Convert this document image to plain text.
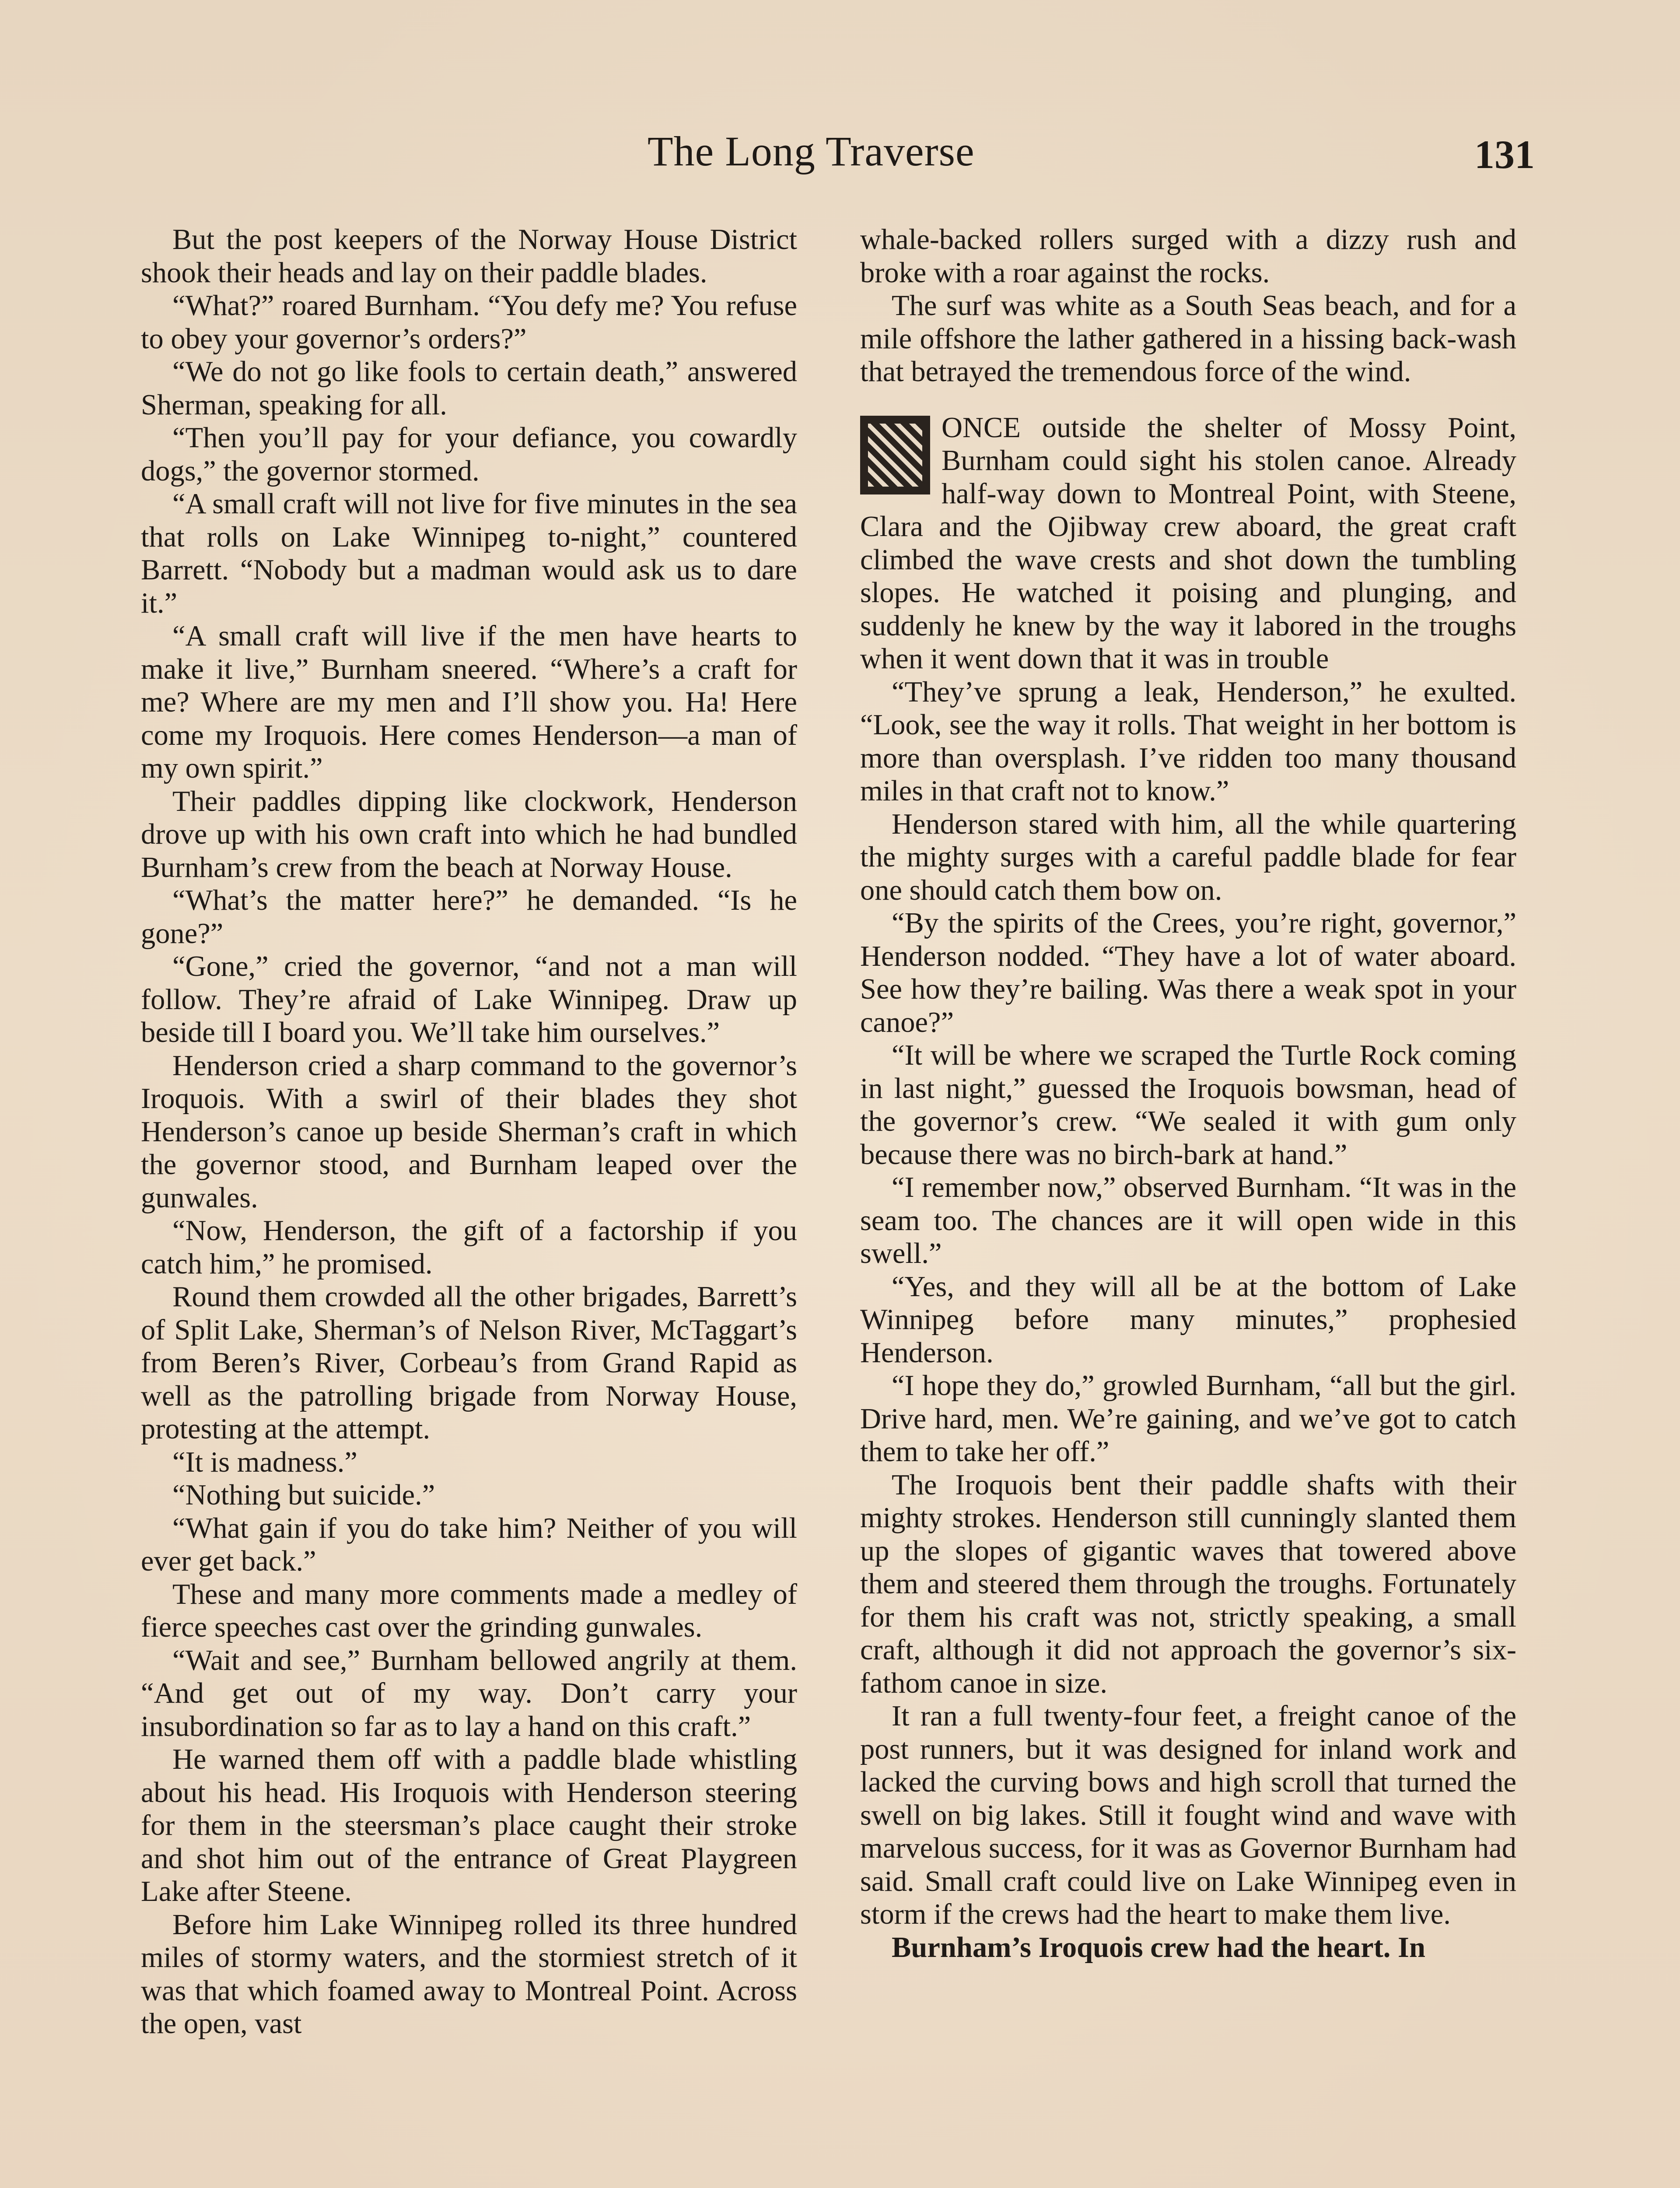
The Long Traverse	131

But the post keepers of the Norway House District shook their heads and lay on their paddle blades.

“What?” roared Burnham. “You defy me? You refuse to obey your governor’s orders?”

“We do not go like fools to certain death,” answered Sherman, speaking for all.

“Then you’ll pay for your defiance, you cowardly dogs,” the governor stormed.

“A small craft will not live for five minutes in the sea that rolls on Lake Winnipeg to-night,” countered Barrett. “Nobody but a madman would ask us to dare it.”

“A small craft will live if the men have hearts to make it live,” Burnham sneered. “Where’s a craft for me? Where are my men and I’ll show you. Ha! Here come my Iroquois. Here comes Henderson—a man of my own spirit.”

Their paddles dipping like clockwork, Henderson drove up with his own craft into which he had bundled Burnham’s crew from the beach at Norway House.

“What’s the matter here?” he demanded. “Is he gone?”

“Gone,” cried the governor, “and not a man will follow. They’re afraid of Lake Winnipeg. Draw up beside till I board you. We’ll take him ourselves.”

Henderson cried a sharp command to the governor’s Iroquois. With a swirl of their blades they shot Henderson’s canoe up beside Sherman’s craft in which the governor stood, and Burnham leaped over the gunwales.

“Now, Henderson, the gift of a factorship if you catch him,” he promised.

Round them crowded all the other brigades, Barrett’s of Split Lake, Sherman’s of Nelson River, McTaggart’s from Beren’s River, Corbeau’s from Grand Rapid as well as the patrolling brigade from Norway House, protesting at the attempt.

“It is madness.”

“Nothing but suicide.”

“What gain if you do take him? Neither of you will ever get back.”

These and many more comments made a medley of fierce speeches cast over the grinding gunwales.

“Wait and see,” Burnham bellowed angrily at them. “And get out of my way. Don’t carry your insubordination so far as to lay a hand on this craft.”

He warned them off with a paddle blade whistling about his head. His Iroquois with Henderson steering for them in the steersman’s place caught their stroke and shot him out of the entrance of Great Playgreen Lake after Steene.

Before him Lake Winnipeg rolled its three hundred miles of stormy waters, and the stormiest stretch of it was that which foamed away to Montreal Point. Across the open, vast

whale-backed rollers surged with a dizzy rush and broke with a roar against the rocks.

The surf was white as a South Seas beach, and for a mile offshore the lather gathered in a hissing back-wash that betrayed the tremendous force of the wind.

ONCE outside the shelter of Mossy Point, Burnham could sight his stolen canoe. Already half-way down to Montreal Point, with Steene, Clara and the Ojibway crew aboard, the great craft climbed the wave crests and shot down the tumbling slopes. He watched it poising and plunging, and suddenly he knew by the way it labored in the troughs when it went down that it was in trouble

“They’ve sprung a leak, Henderson,” he exulted. “Look, see the way it rolls. That weight in her bottom is more than oversplash. I’ve ridden too many thousand miles in that craft not to know.”

Henderson stared with him, all the while quartering the mighty surges with a careful paddle blade for fear one should catch them bow on.

“By the spirits of the Crees, you’re right, governor,” Henderson nodded. “They have a lot of water aboard. See how they’re bailing. Was there a weak spot in your canoe?”

“It will be where we scraped the Turtle Rock coming in last night,” guessed the Iroquois bowsman, head of the governor’s crew. “We sealed it with gum only because there was no birch-bark at hand.”

“I remember now,” observed Burnham. “It was in the seam too. The chances are it will open wide in this swell.”

“Yes, and they will all be at the bottom of Lake Winnipeg before many minutes,” prophesied Henderson.

“I hope they do,” growled Burnham, “all but the girl. Drive hard, men. We’re gaining, and we’ve got to catch them to take her off.”

The Iroquois bent their paddle shafts with their mighty strokes. Henderson still cunningly slanted them up the slopes of gigantic waves that towered above them and steered them through the troughs. Fortunately for them his craft was not, strictly speaking, a small craft, although it did not approach the governor’s six-fathom canoe in size.

It ran a full twenty-four feet, a freight canoe of the post runners, but it was designed for inland work and lacked the curving bows and high scroll that turned the swell on big lakes. Still it fought wind and wave with marvelous success, for it was as Governor Burnham had said. Small craft could live on Lake Winnipeg even in storm if the crews had the heart to make them live.

Burnham’s Iroquois crew had the heart. In
